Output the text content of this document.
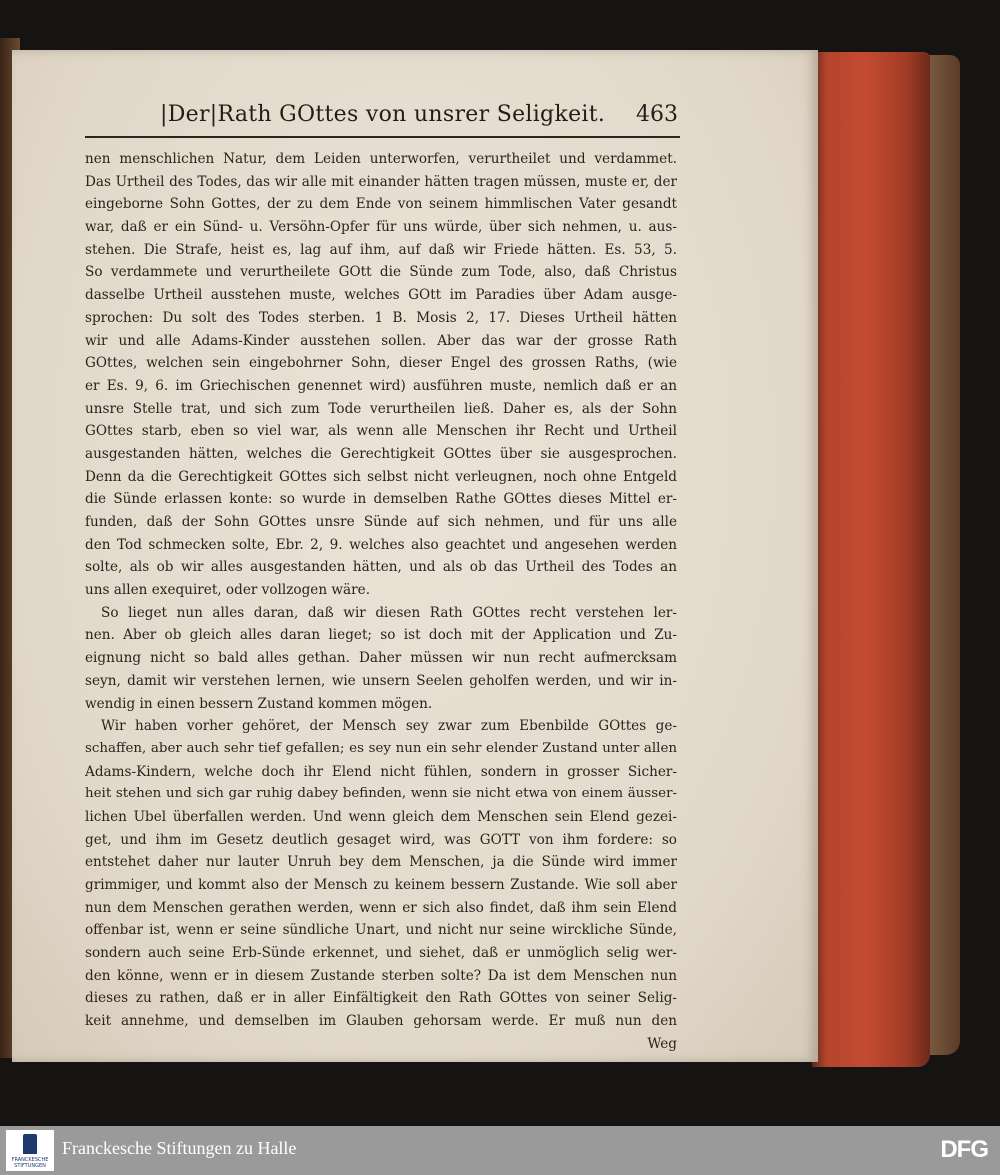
|Der|Rath GOttes von unsrer Seligkeit. 463
nen menschlichen Natur, dem Leiden unterworfen, verurtheilet und verdammet.
Das Urtheil des Todes, das wir alle mit einander hätten tragen müssen, muste er, der
eingeborne Sohn Gottes, der zu dem Ende von seinem himmlischen Vater gesandt
war, daß er ein Sünd- u. Versöhn-Opfer für uns würde, über sich nehmen, u. aus-
stehen. Die Strafe, heist es, lag auf ihm, auf daß wir Friede hätten. Es. 53, 5.
So verdammete und verurtheilete GOtt die Sünde zum Tode, also, daß Christus
dasselbe Urtheil ausstehen muste, welches GOtt im Paradies über Adam ausge-
sprochen: Du solt des Todes sterben. 1 B. Mosis 2, 17. Dieses Urtheil hätten
wir und alle Adams-Kinder ausstehen sollen. Aber das war der grosse Rath
GOttes, welchen sein eingebohrner Sohn, dieser Engel des grossen Raths, (wie
er Es. 9, 6. im Griechischen genennet wird) ausführen muste, nemlich daß er an
unsre Stelle trat, und sich zum Tode verurtheilen ließ. Daher es, als der Sohn
GOttes starb, eben so viel war, als wenn alle Menschen ihr Recht und Urtheil
ausgestanden hätten, welches die Gerechtigkeit GOttes über sie ausgesprochen.
Denn da die Gerechtigkeit GOttes sich selbst nicht verleugnen, noch ohne Entgeld
die Sünde erlassen konte: so wurde in demselben Rathe GOttes dieses Mittel er-
funden, daß der Sohn GOttes unsre Sünde auf sich nehmen, und für uns alle
den Tod schmecken solte, Ebr. 2, 9. welches also geachtet und angesehen werden
solte, als ob wir alles ausgestanden hätten, und als ob das Urtheil des Todes an
uns allen exequiret, oder vollzogen wäre.
So lieget nun alles daran, daß wir diesen Rath GOttes recht verstehen ler-
nen. Aber ob gleich alles daran lieget; so ist doch mit der Application und Zu-
eignung nicht so bald alles gethan. Daher müssen wir nun recht aufmercksam
seyn, damit wir verstehen lernen, wie unsern Seelen geholfen werden, und wir in-
wendig in einen bessern Zustand kommen mögen.
Wir haben vorher gehöret, der Mensch sey zwar zum Ebenbilde GOttes ge-
schaffen, aber auch sehr tief gefallen; es sey nun ein sehr elender Zustand unter allen
Adams-Kindern, welche doch ihr Elend nicht fühlen, sondern in grosser Sicher-
heit stehen und sich gar ruhig dabey befinden, wenn sie nicht etwa von einem äusser-
lichen Ubel überfallen werden. Und wenn gleich dem Menschen sein Elend gezei-
get, und ihm im Gesetz deutlich gesaget wird, was GOTT von ihm fordere: so
entstehet daher nur lauter Unruh bey dem Menschen, ja die Sünde wird immer
grimmiger, und kommt also der Mensch zu keinem bessern Zustande. Wie soll aber
nun dem Menschen gerathen werden, wenn er sich also findet, daß ihm sein Elend
offenbar ist, wenn er seine sündliche Unart, und nicht nur seine wirckliche Sünde,
sondern auch seine Erb-Sünde erkennet, und siehet, daß er unmöglich selig wer-
den könne, wenn er in diesem Zustande sterben solte? Da ist dem Menschen nun
dieses zu rathen, daß er in aller Einfältigkeit den Rath GOttes von seiner Selig-
keit annehme, und demselben im Glauben gehorsam werde. Er muß nun den
Weg
FRANCKESCHE STIFTUNGEN
Franckesche Stiftungen zu Halle	DFG
